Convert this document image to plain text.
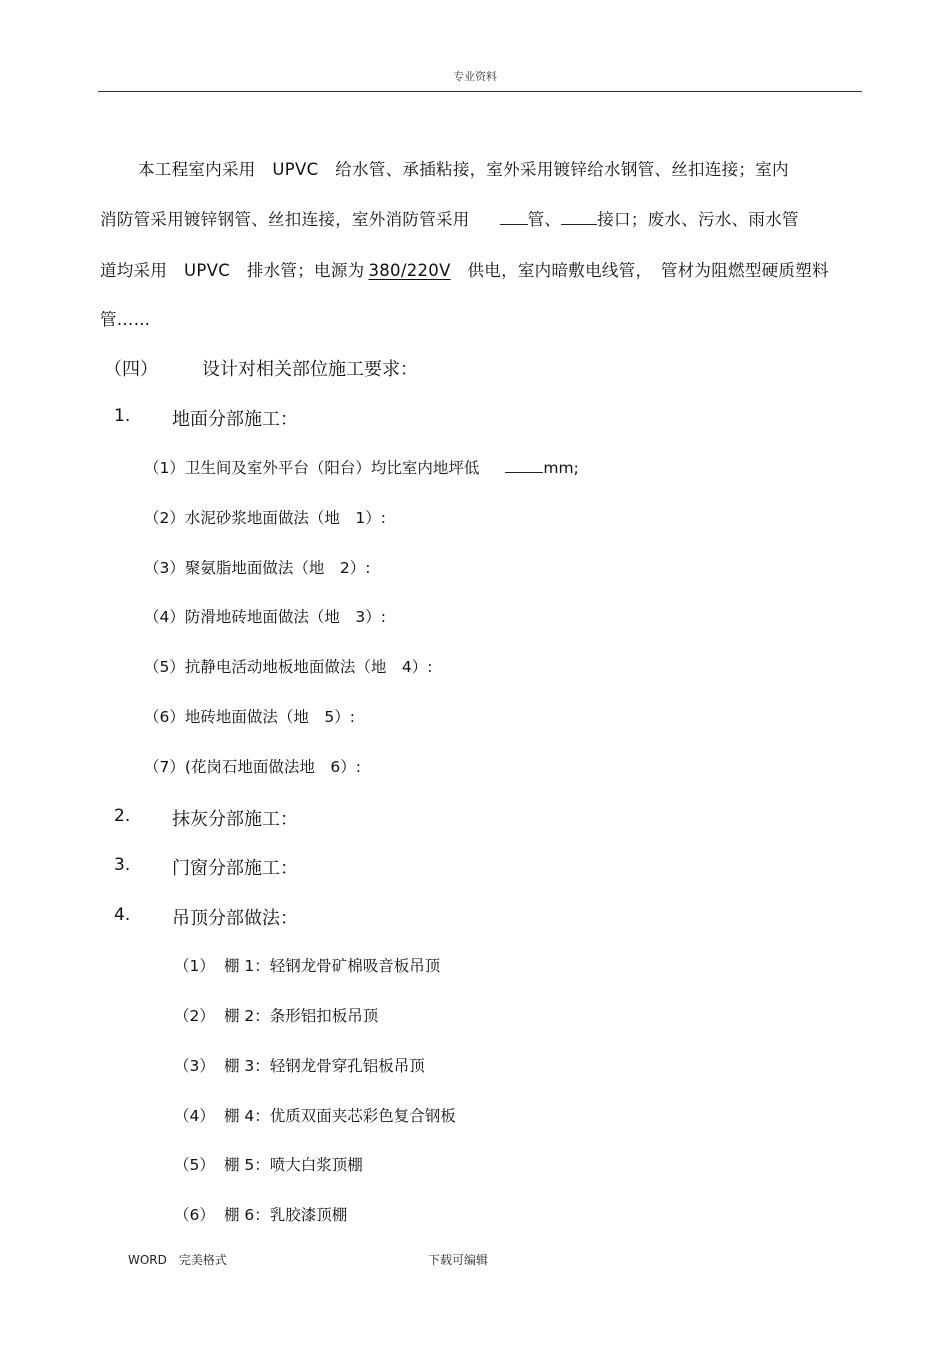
专业资料
本工程室内采用　UPVC　给水管、承插粘接，室外采用镀锌给水钢管、丝扣连接；室内
消防管采用镀锌钢管、丝扣连接，室外消防管采用	管、 接口；废水、污水、雨水管
道均采用　UPVC　排水管；电源为 380/220V　供电，室内暗敷电线管，　管材为阻燃型硬质塑料
管……
（四） 设计对相关部位施工要求：
1. 地面分部施工：
（1）卫生间及室外平台（阳台）均比室内地坪低	mm;
（2）水泥砂浆地面做法（地　1）:
（3）聚氨脂地面做法（地　2）:
（4）防滑地砖地面做法（地　3）:
（5）抗静电活动地板地面做法（地　4）:
（6）地砖地面做法（地　5）:
（7）(花岗石地面做法地　6）:
2. 抹灰分部施工：
3. 门窗分部施工：
4. 吊顶分部做法：
（1） 棚 1：轻钢龙骨矿棉吸音板吊顶
（2） 棚 2：条形铝扣板吊顶
（3） 棚 3：轻钢龙骨穿孔铝板吊顶
（4） 棚 4：优质双面夹芯彩色复合钢板
（5） 棚 5：喷大白浆顶棚
（6） 棚 6：乳胶漆顶棚
WORD　完美格式	下载可编辑
